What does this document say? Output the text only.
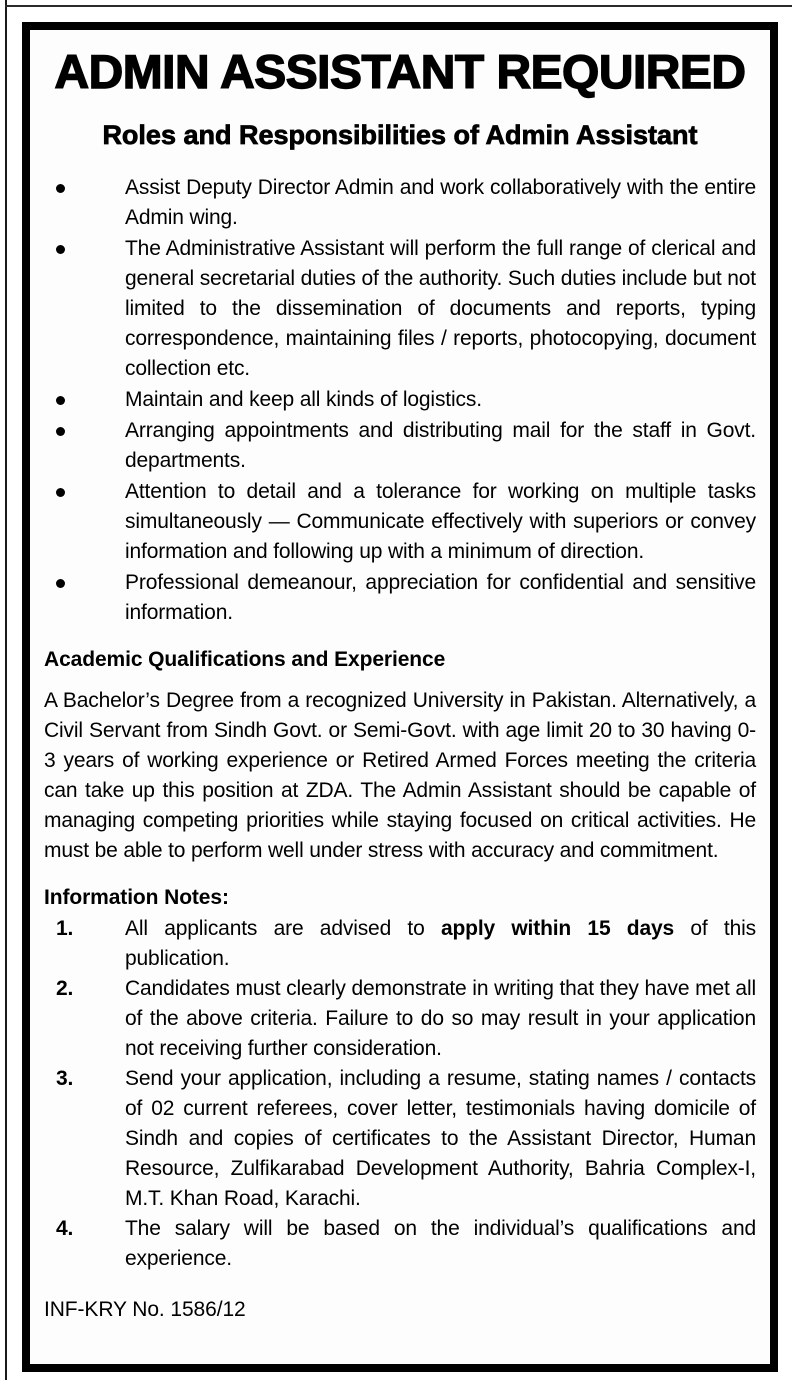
ADMIN ASSISTANT REQUIRED
Roles and Responsibilities of Admin Assistant
Assist Deputy Director Admin and work collaboratively with the entire Admin wing.
The Administrative Assistant will perform the full range of clerical and general secretarial duties of the authority. Such duties include but not limited to the dissemination of documents and reports, typing correspondence, maintaining files / reports, photocopying, document collection etc.
Maintain and keep all kinds of logistics.
Arranging appointments and distributing mail for the staff in Govt. departments.
Attention to detail and a tolerance for working on multiple tasks simultaneously — Communicate effectively with superiors or convey information and following up with a minimum of direction.
Professional demeanour, appreciation for confidential and sensitive information.
Academic Qualifications and Experience
A Bachelor’s Degree from a recognized University in Pakistan. Alternatively, a Civil Servant from Sindh Govt. or Semi-Govt. with age limit 20 to 30 having 0-3 years of working experience or Retired Armed Forces meeting the criteria can take up this position at ZDA. The Admin Assistant should be capable of managing competing priorities while staying focused on critical activities. He must be able to perform well under stress with accuracy and commitment.
Information Notes:
1. All applicants are advised to apply within 15 days of this publication.
2. Candidates must clearly demonstrate in writing that they have met all of the above criteria. Failure to do so may result in your application not receiving further consideration.
3. Send your application, including a resume, stating names / contacts of 02 current referees, cover letter, testimonials having domicile of Sindh and copies of certificates to the Assistant Director, Human Resource, Zulfikarabad Development Authority, Bahria Complex-I, M.T. Khan Road, Karachi.
4. The salary will be based on the individual’s qualifications and experience.
INF-KRY No. 1586/12
